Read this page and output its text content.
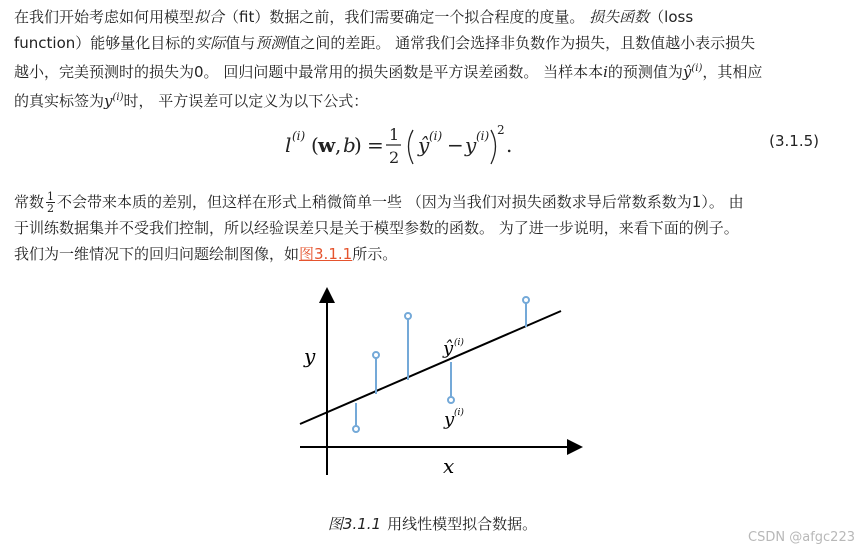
在我们开始考虑如何用模型拟合（fit）数据之前，我们需要确定一个拟合程度的度量。 损失函数（loss

function）能够量化目标的实际值与预测值之间的差距。 通常我们会选择非负数作为损失，且数值越小表示损失

越小，完美预测时的损失为0。 回归问题中最常用的损失函数是平方误差函数。 当样本本i的预测值为$ŷ^{(i)}$，其相应

的真实标签为$y^{(i)}$时， 平方误差可以定义为以下公式：

l (i) ( w , b
) = 1
2
ŷ (i) − y (i) 2
.	(3.1.5)

常数 $\frac{1}{2}$ 不会带来本质的差别，但这样在形式上稍微简单一些 （因为当我们对损失函数求导后常数系数为1）。 由

于训练数据集并不受我们控制，所以经验误差只是关于模型参数的函数。 为了进一步说明，来看下面的例子。

我们为一维情况下的回归问题绘制图像，如图3.1.1所示。

y
x
ŷ (i)
y (i)
图3.1.1 用线性模型拟合数据。
CSDN @afgc223
